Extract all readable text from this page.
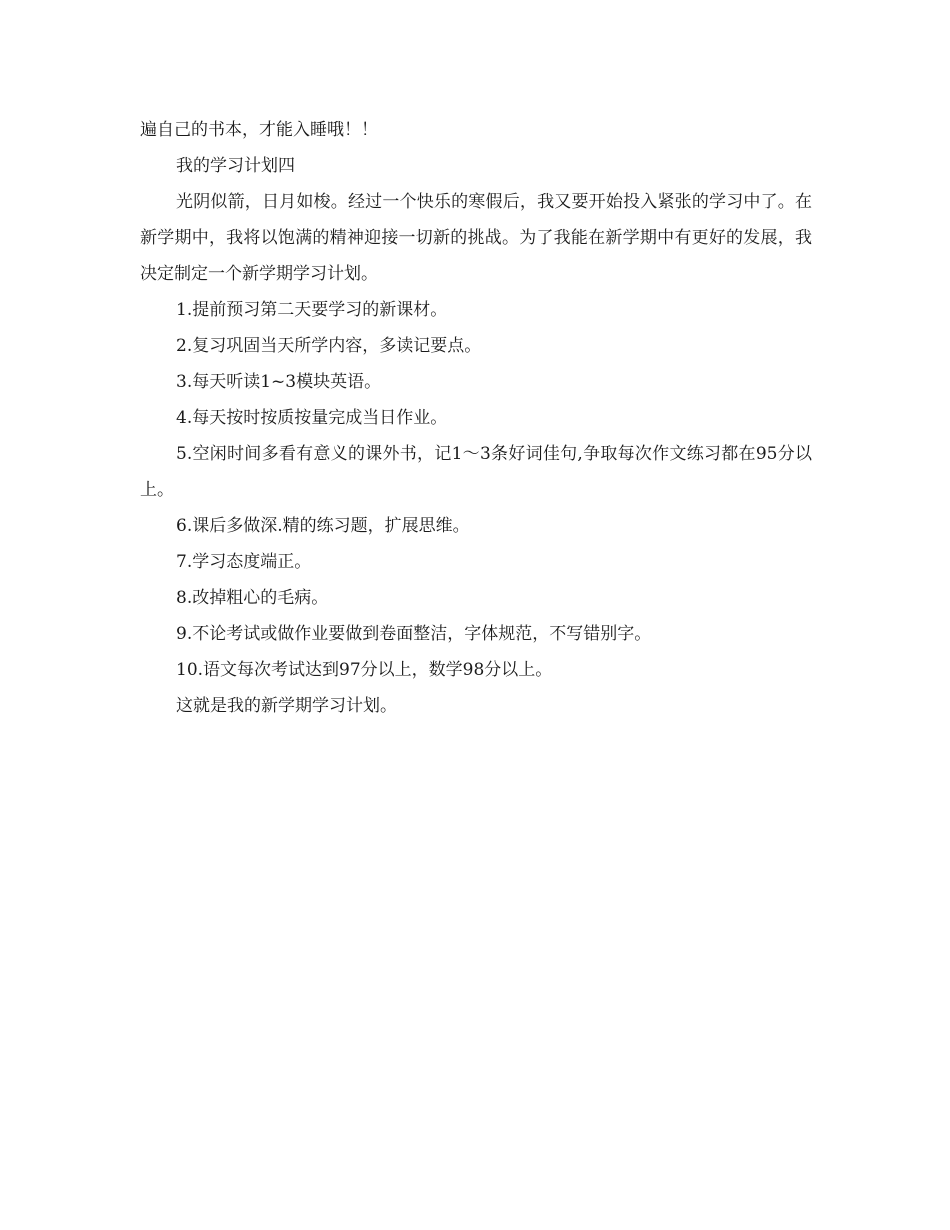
遍自己的书本，才能入睡哦！！

我的学习计划四

光阴似箭，日月如梭。经过一个快乐的寒假后，我又要开始投入紧张的学习中了。在新学期中，我将以饱满的精神迎接一切新的挑战。为了我能在新学期中有更好的发展，我决定制定一个新学期学习计划。

1.提前预习第二天要学习的新课材。

2.复习巩固当天所学内容，多读记要点。

3.每天听读1~3模块英语。

4.每天按时按质按量完成当日作业。

5.空闲时间多看有意义的课外书，记1～3条好词佳句,争取每次作文练习都在95分以上。

6.课后多做深.精的练习题，扩展思维。

7.学习态度端正。

8.改掉粗心的毛病。

9.不论考试或做作业要做到卷面整洁，字体规范，不写错别字。

10.语文每次考试达到97分以上，数学98分以上。

这就是我的新学期学习计划。
